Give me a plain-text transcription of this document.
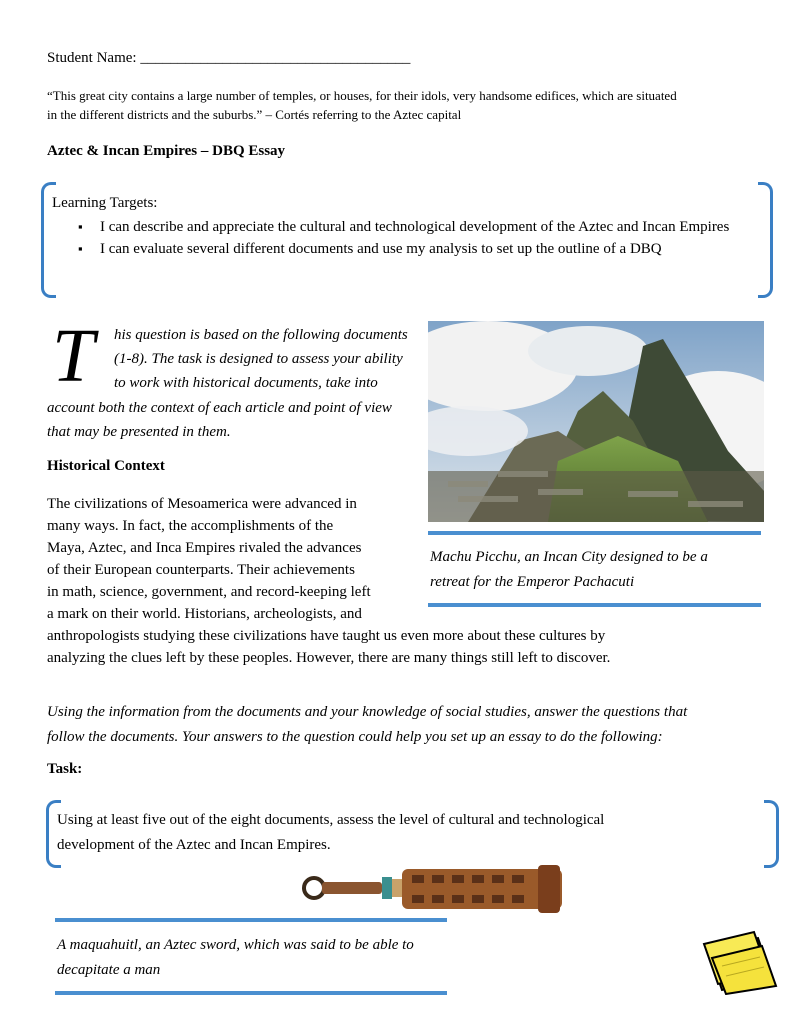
Student Name: ____________________________________
“This great city contains a large number of temples, or houses, for their idols, very handsome edifices, which are situated
in the different districts and the suburbs.” – Cortés referring to the Aztec capital
Aztec & Incan Empires – DBQ Essay
Learning Targets:
▪ I can describe and appreciate the cultural and technological development of the Aztec and Incan Empires
▪ I can evaluate several different documents and use my analysis to set up the outline of a DBQ
T his question is based on the following documents
(1-8). The task is designed to assess your ability
to work with historical documents, take into
account both the context of each article and point of view
that may be presented in them.
Machu Picchu, an Incan City designed to be a
retreat for the Emperor Pachacuti
Historical Context
The civilizations of Mesoamerica were advanced in
many ways. In fact, the accomplishments of the
Maya, Aztec, and Inca Empires rivaled the advances
of their European counterparts. Their achievements
in math, science, government, and record-keeping left
a mark on their world. Historians, archeologists, and
anthropologists studying these civilizations have taught us even more about these cultures by
analyzing the clues left by these peoples. However, there are many things still left to discover.
Using the information from the documents and your knowledge of social studies, answer the questions that
follow the documents. Your answers to the question could help you set up an essay to do the following:
Task:
Using at least five out of the eight documents, assess the level of cultural and technological
development of the Aztec and Incan Empires.
A maquahuitl, an Aztec sword, which was said to be able to
decapitate a man
